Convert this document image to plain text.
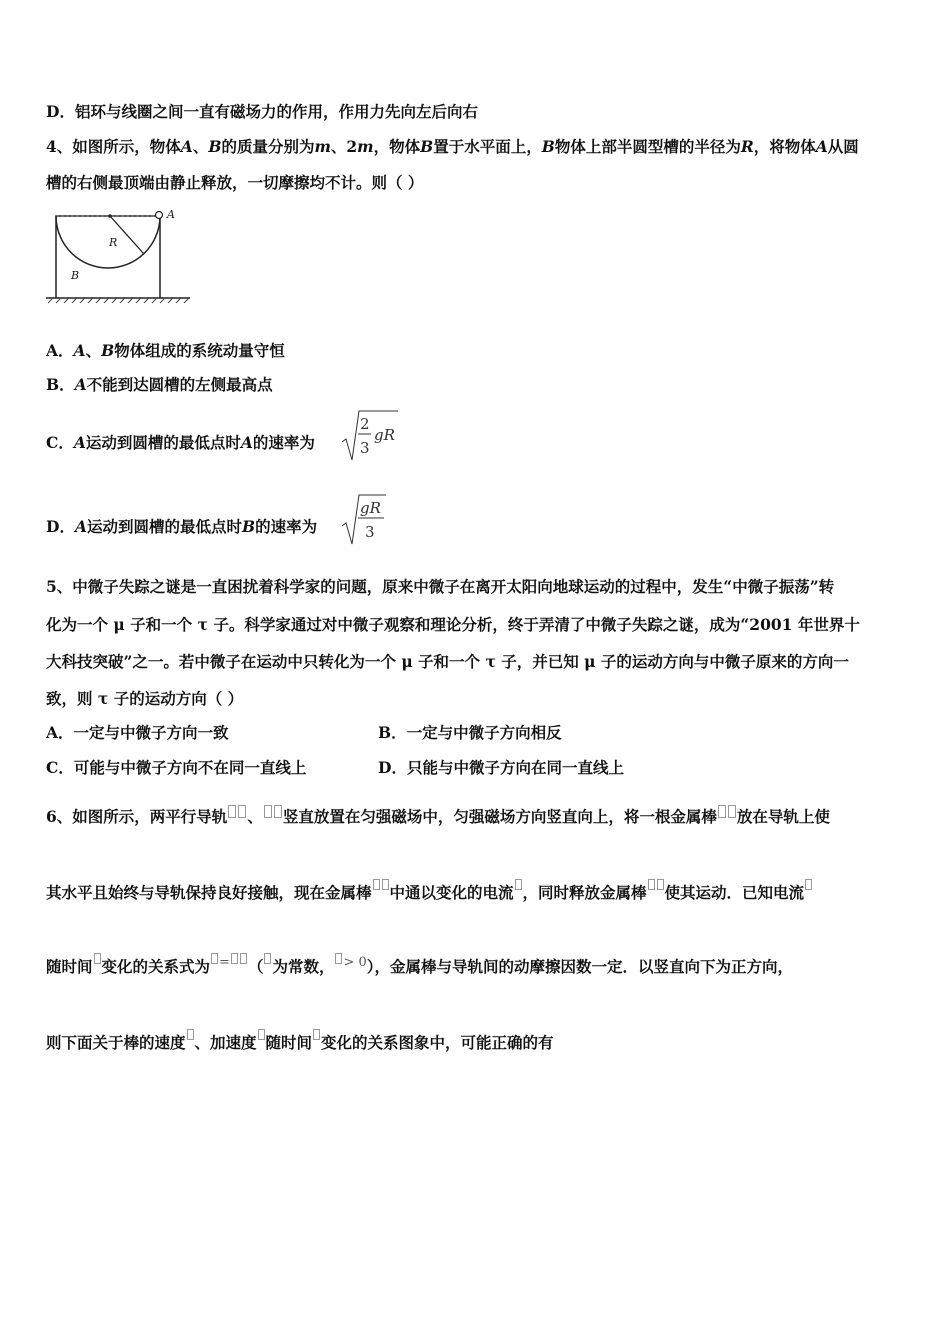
D．铝环与线圈之间一直有磁场力的作用，作用力先向左后向右
4、如图所示，物体A、B的质量分别为m、2m，物体B置于水平面上，B物体上部半圆型槽的半径为R，将物体A从圆
槽的右侧最顶端由静止释放，一切摩擦均不计。则（ ）
A
R
B
A．A、B物体组成的系统动量守恒
B．A不能到达圆槽的左侧最高点
C．A运动到圆槽的最低点时A的速率为
2
3
gR
D．A运动到圆槽的最低点时B的速率为
gR
3
5、中微子失踪之谜是一直困扰着科学家的问题，原来中微子在离开太阳向地球运动的过程中，发生“中微子振荡”转
化为一个 μ 子和一个 τ 子。科学家通过对中微子观察和理论分析，终于弄清了中微子失踪之谜，成为“2001 年世界十
大科技突破”之一。若中微子在运动中只转化为一个 μ 子和一个 τ 子，并已知 μ 子的运动方向与中微子原来的方向一
致，则 τ 子的运动方向（ ）
A．一定与中微子方向一致	B．一定与中微子方向相反
C．可能与中微子方向不在同一直线上	D．只能与中微子方向在同一直线上
6、如图所示，两平行导轨 、 竖直放置在匀强磁场中，匀强磁场方向竖直向上，将一根金属棒 放在导轨上使
其水平且始终与导轨保持良好接触，现在金属棒 中通以变化的电流 ，同时释放金属棒 使其运动．已知电流
随时间 变化的关系式为 = （ 为常数， $^{> 0}$），金属棒与导轨间的动摩擦因数一定．以竖直向下为正方向，
则下面关于棒的速度 、加速度 随时间 变化的关系图象中，可能正确的有
